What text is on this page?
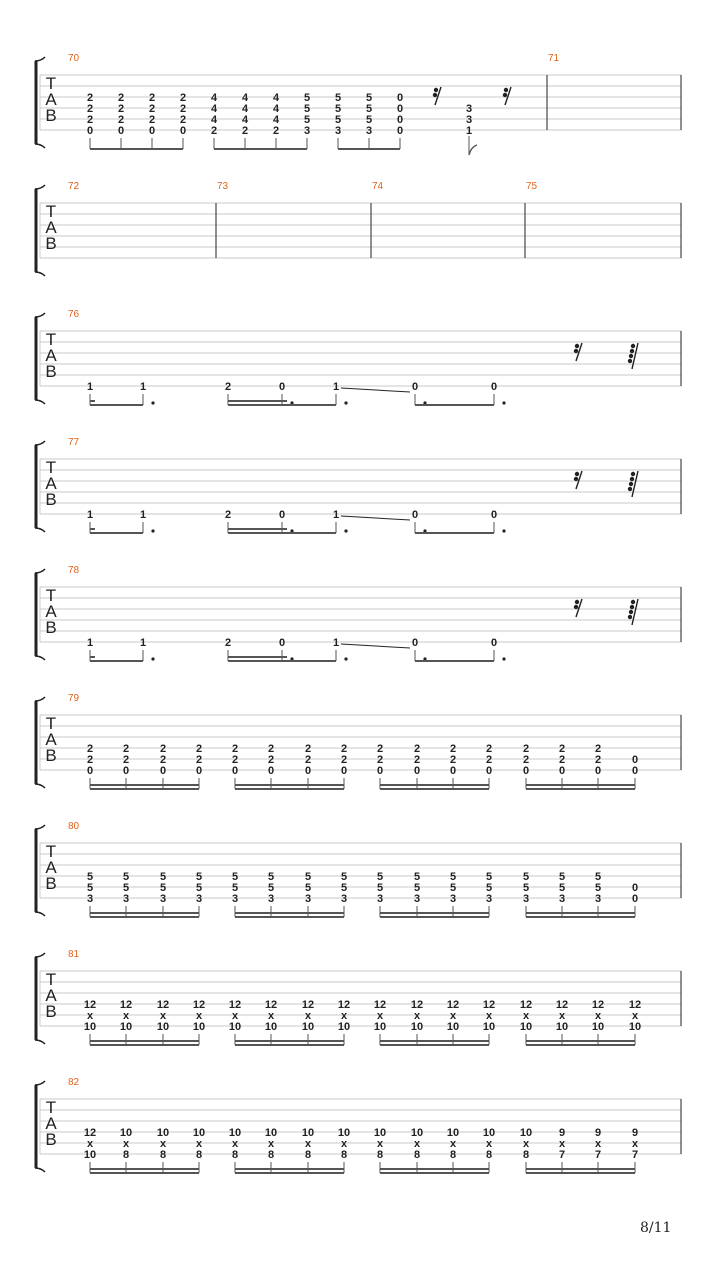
T
A
B
70
2
2
2
0
2
2
2
0
2
2
2
0
2
2
2
0
4
4
4
2
4
4
4
2
4
4
4
2
5
5
5
3
5
5
5
3
5
5
5
3
0
0
0
0
3
3
1
71
T
A
B
72	73	74	75
T
A
B
76
1	1	2	0	1	0	0
T
A
B
77
1	1	2	0	1	0	0
T
A
B
78
1	1	2	0	1	0	0
T
A
B
79
2
2
0
2
2
0
2
2
0
2
2
0
2
2
0
2
2
0
2
2
0
2
2
0
2
2
0
2
2
0
2
2
0
2
2
0
2
2
0
2
2
0
2
2
0
0
0
T
A
B
80
5
5
3
5
5
3
5
5
3
5
5
3
5
5
3
5
5
3
5
5
3
5
5
3
5
5
3
5
5
3
5
5
3
5
5
3
5
5
3
5
5
3
5
5
3
0
0
T
A
B
81
12
x
10
12
x
10
12
x
10
12
x
10
12
x
10
12
x
10
12
x
10
12
x
10
12
x
10
12
x
10
12
x
10
12
x
10
12
x
10
12
x
10
12
x
10
12
x
10
T
A
B
82
12
x
10
10
x
8
10
x
8
10
x
8
10
x
8
10
x
8
10
x
8
10
x
8
10
x
8
10
x
8
10
x
8
10
x
8
10
x
8
9
x
7
9
x
7
9
x
7
8/11
